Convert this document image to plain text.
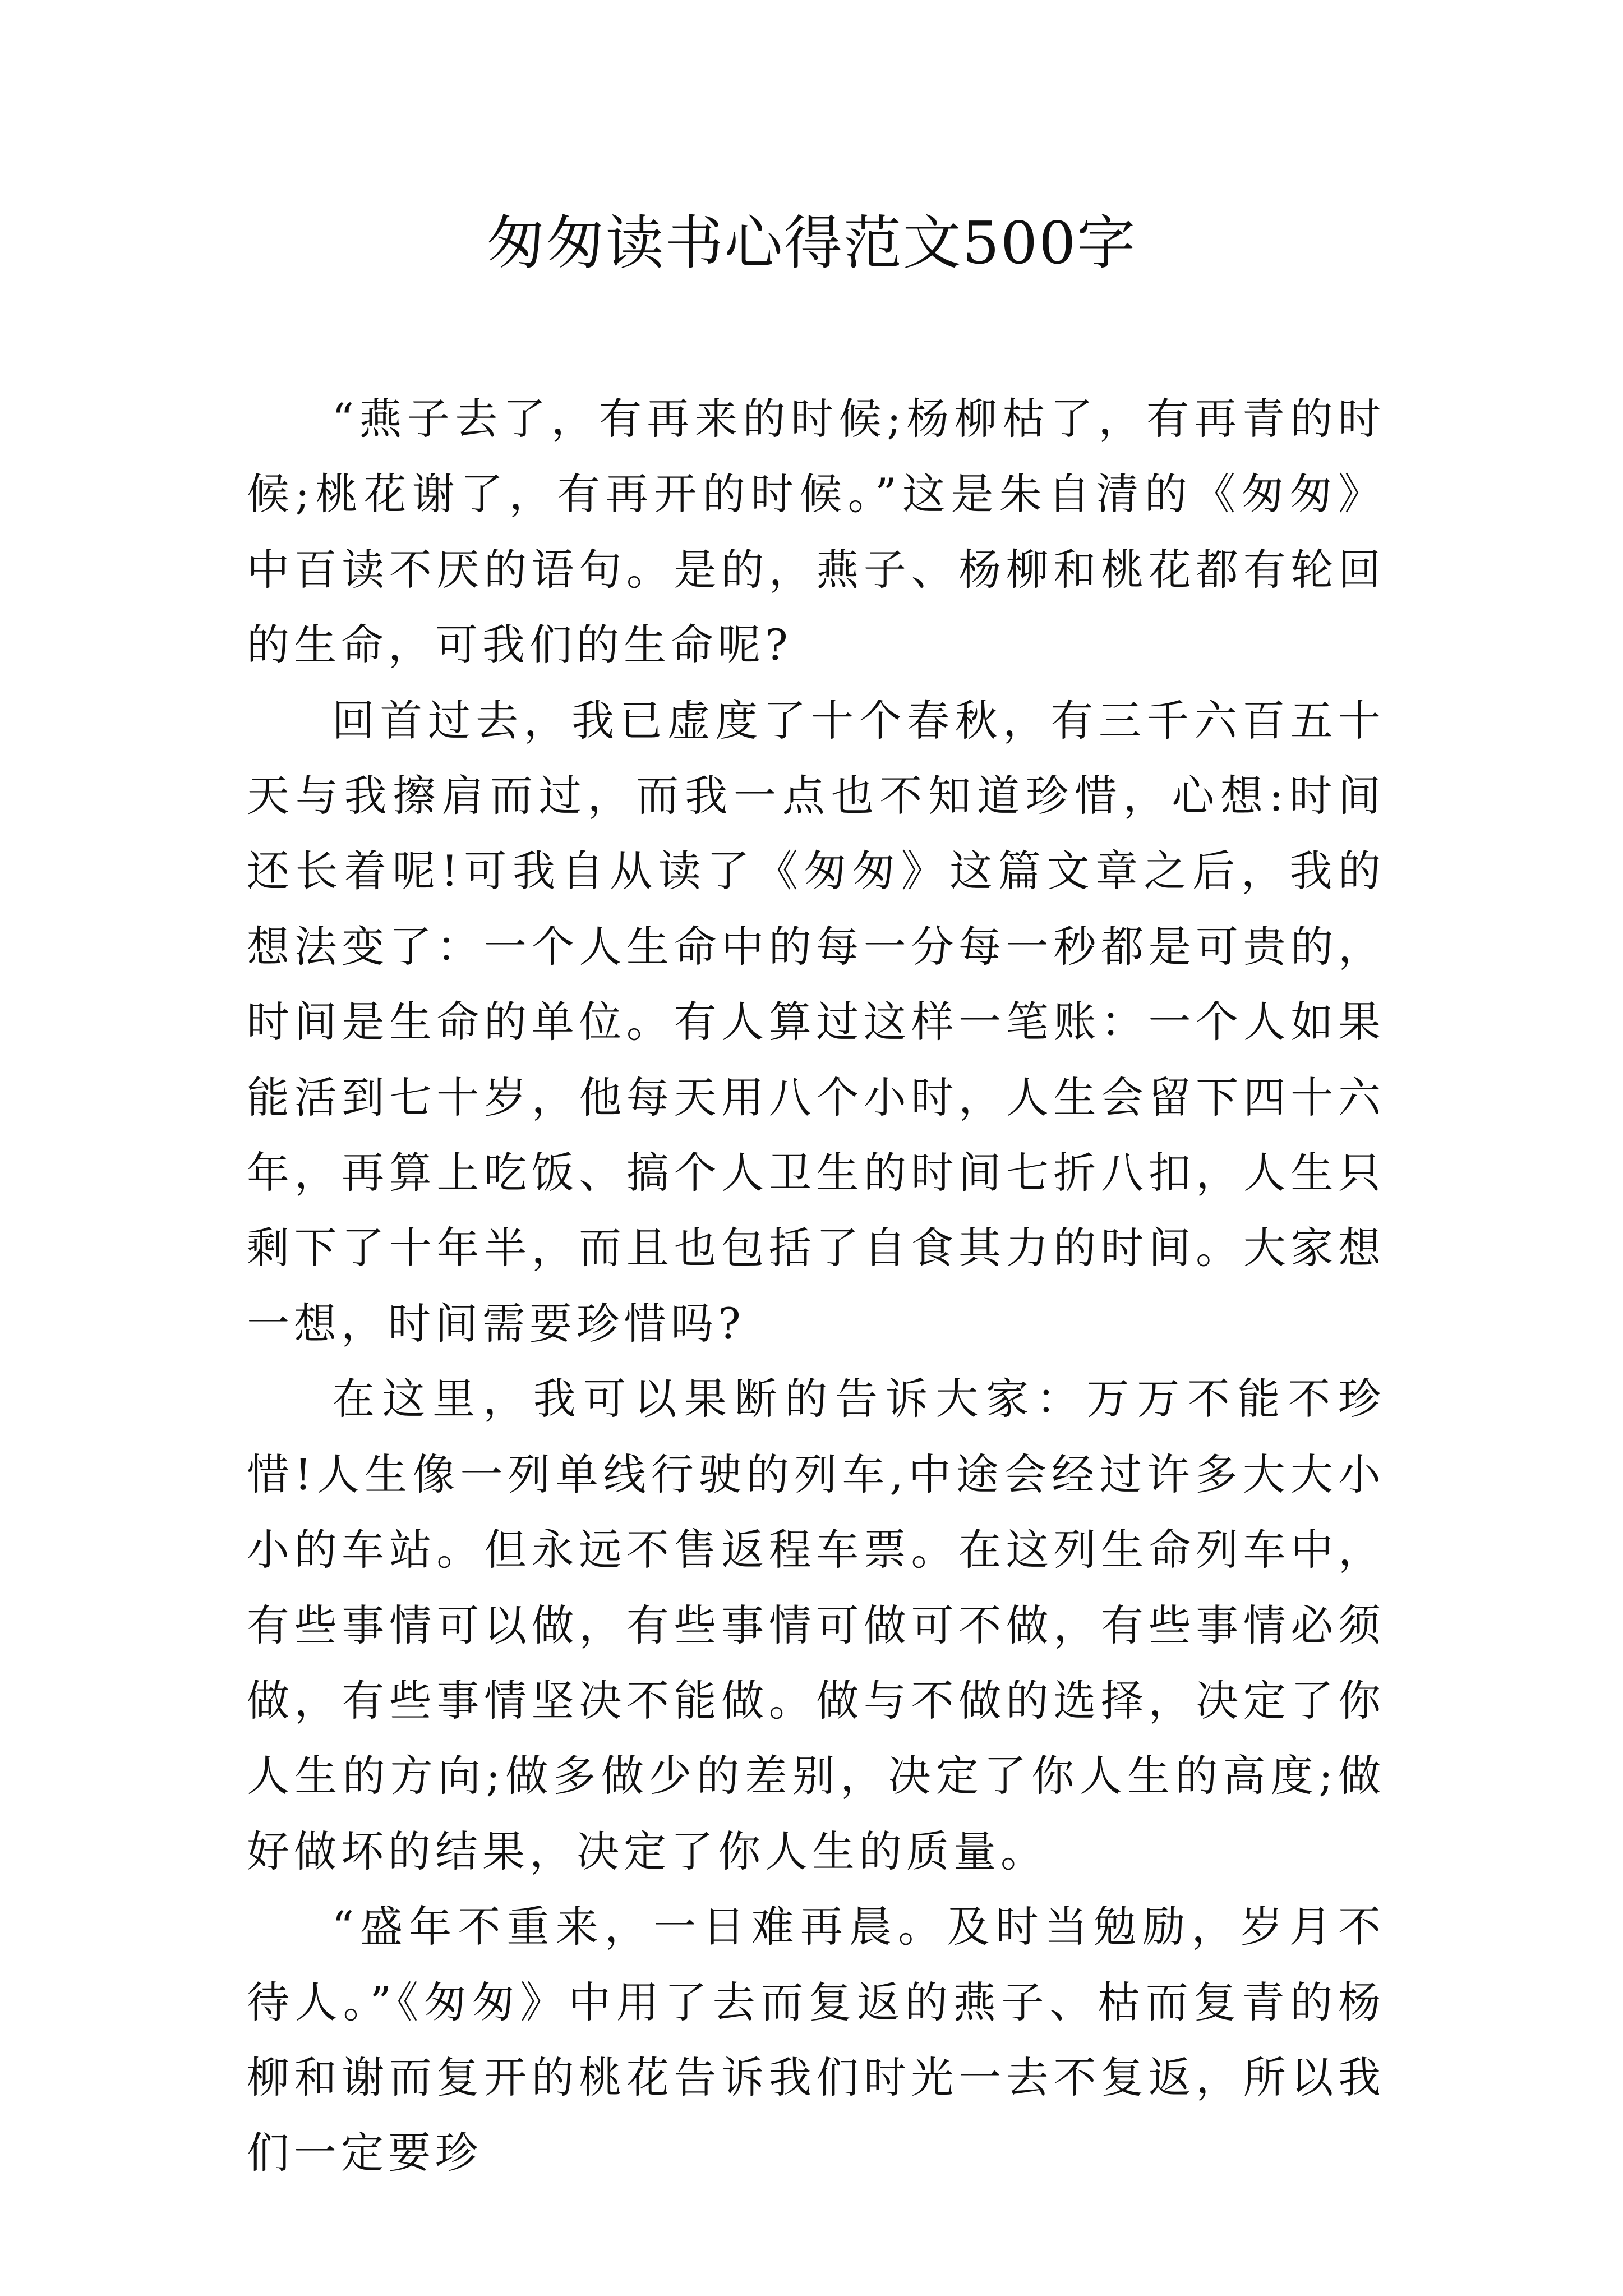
匆匆读书心得范文500字

“燕子去了，有再来的时候;杨柳枯了，有再青的时候;桃花谢了，有再开的时候。”这是朱自清的《匆匆》中百读不厌的语句。是的，燕子、杨柳和桃花都有轮回的生命，可我们的生命呢?

回首过去，我已虚度了十个春秋，有三千六百五十天与我擦肩而过，而我一点也不知道珍惜，心想:时间还长着呢!可我自从读了《匆匆》这篇文章之后，我的想法变了：一个人生命中的每一分每一秒都是可贵的，时间是生命的单位。有人算过这样一笔账：一个人如果能活到七十岁，他每天用八个小时，人生会留下四十六年，再算上吃饭、搞个人卫生的时间七折八扣，人生只剩下了十年半，而且也包括了自食其力的时间。大家想一想，时间需要珍惜吗?

在这里，我可以果断的告诉大家：万万不能不珍惜!人生像一列单线行驶的列车,中途会经过许多大大小小的车站。但永远不售返程车票。在这列生命列车中，有些事情可以做，有些事情可做可不做，有些事情必须做，有些事情坚决不能做。做与不做的选择，决定了你人生的方向;做多做少的差别，决定了你人生的高度;做好做坏的结果，决定了你人生的质量。

“盛年不重来，一日难再晨。及时当勉励，岁月不待人。”《匆匆》中用了去而复返的燕子、枯而复青的杨柳和谢而复开的桃花告诉我们时光一去不复返，所以我们一定要珍
